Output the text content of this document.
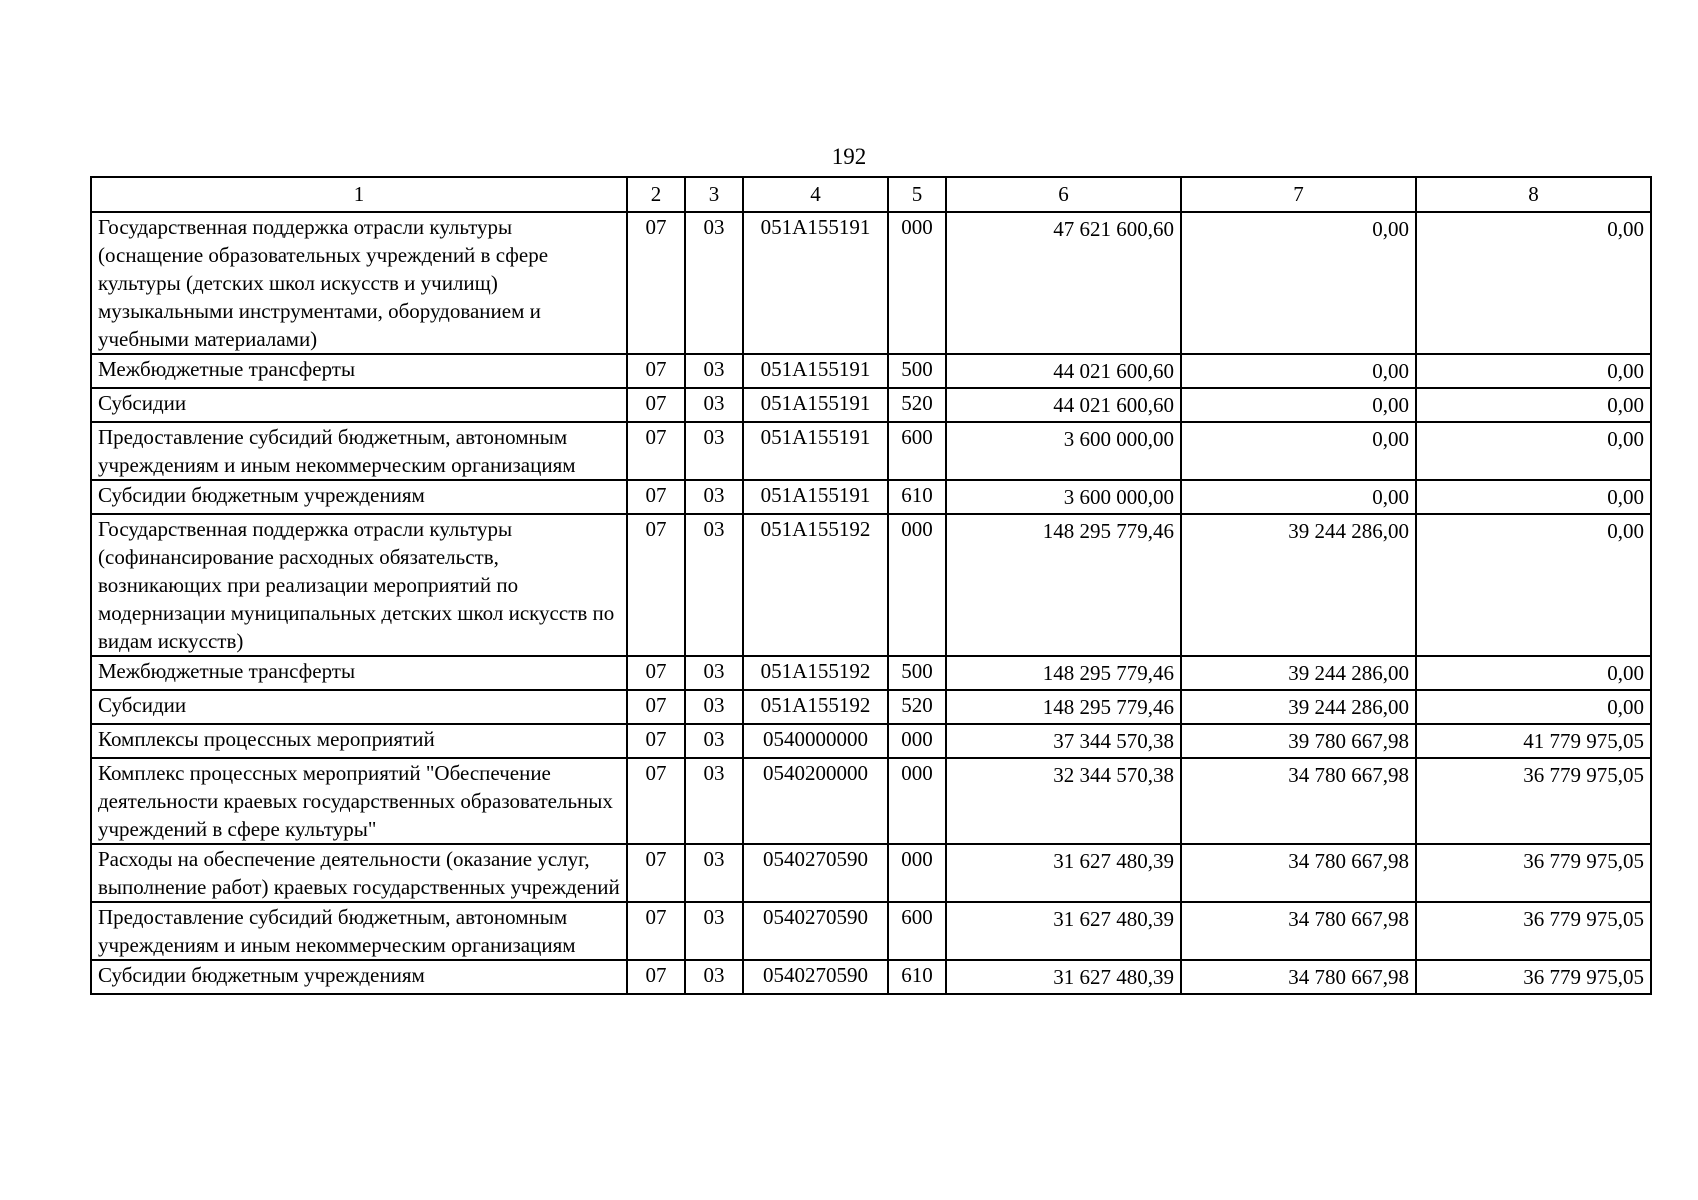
192
1	2	3	4	5	6	7	8
Государственная поддержка отрасли культуры (оснащение образовательных учреждений в сфере культуры (детских школ искусств и училищ) музыкальными инструментами, оборудованием и учебными материалами)	07	03	051A155191	000	47 621 600,60	0,00	0,00
Межбюджетные трансферты	07	03	051A155191	500	44 021 600,60	0,00	0,00
Субсидии	07	03	051A155191	520	44 021 600,60	0,00	0,00
Предоставление субсидий бюджетным, автономным учреждениям и иным некоммерческим организациям	07	03	051A155191	600	3 600 000,00	0,00	0,00
Субсидии бюджетным учреждениям	07	03	051A155191	610	3 600 000,00	0,00	0,00
Государственная поддержка отрасли культуры (софинансирование расходных обязательств, возникающих при реализации мероприятий по модернизации муниципальных детских школ искусств по видам искусств)	07	03	051A155192	000	148 295 779,46	39 244 286,00	0,00
Межбюджетные трансферты	07	03	051A155192	500	148 295 779,46	39 244 286,00	0,00
Субсидии	07	03	051A155192	520	148 295 779,46	39 244 286,00	0,00
Комплексы процессных мероприятий	07	03	0540000000	000	37 344 570,38	39 780 667,98	41 779 975,05
Комплекс процессных мероприятий "Обеспечение деятельности краевых государственных образовательных учреждений в сфере культуры"	07	03	0540200000	000	32 344 570,38	34 780 667,98	36 779 975,05
Расходы на обеспечение деятельности (оказание услуг, выполнение работ) краевых государственных учреждений	07	03	0540270590	000	31 627 480,39	34 780 667,98	36 779 975,05
Предоставление субсидий бюджетным, автономным учреждениям и иным некоммерческим организациям	07	03	0540270590	600	31 627 480,39	34 780 667,98	36 779 975,05
Субсидии бюджетным учреждениям	07	03	0540270590	610	31 627 480,39	34 780 667,98	36 779 975,05
